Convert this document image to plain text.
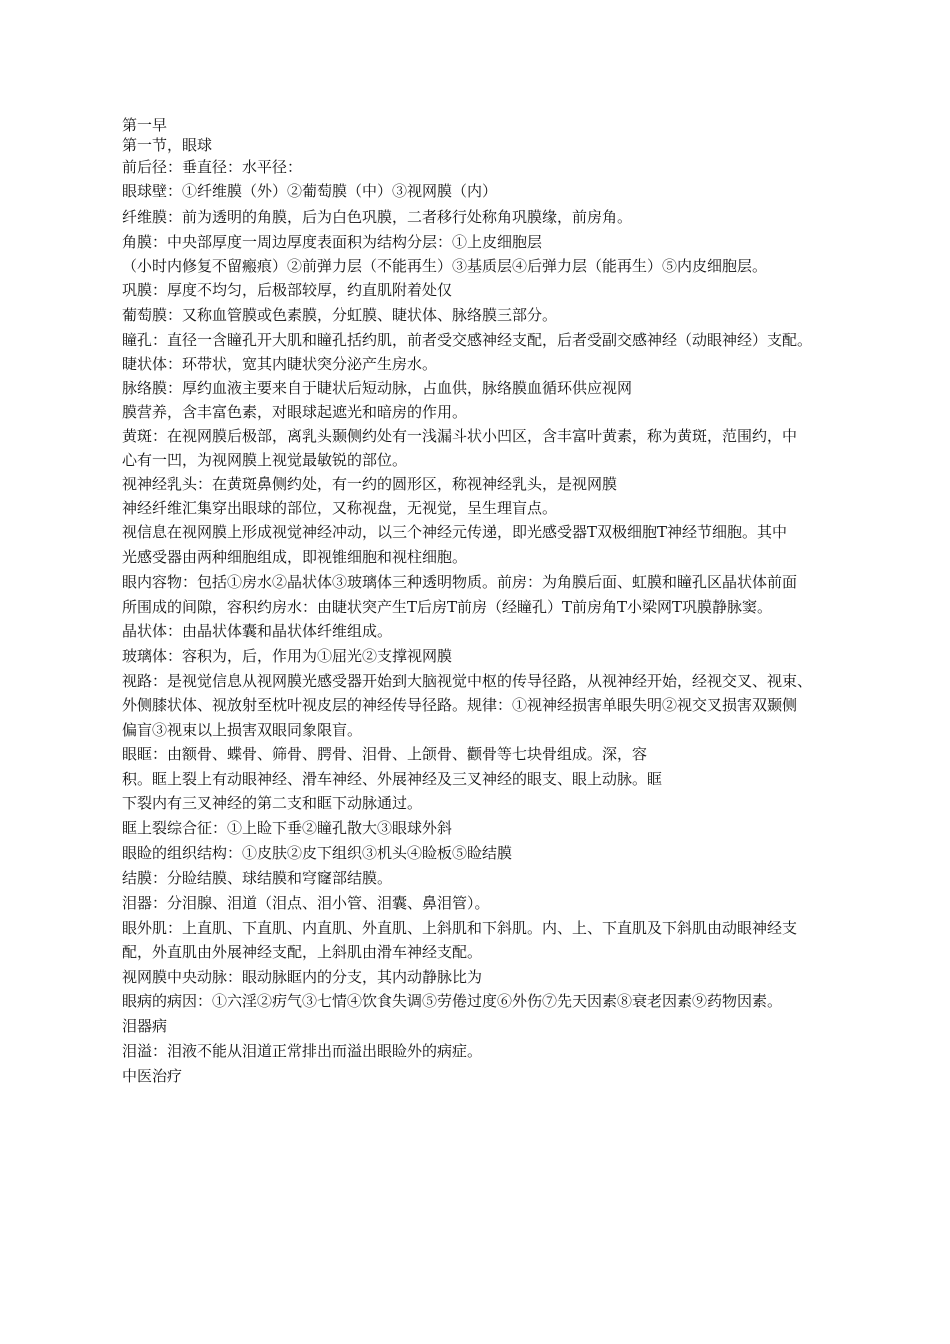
第一早
第一节，眼球
前后径：垂直径：水平径：
眼球壁：①纤维膜（外）②葡萄膜（中）③视网膜（内）
纤维膜：前为透明的角膜，后为白色巩膜，二者移行处称角巩膜缘，前房角。
角膜：中央部厚度一周边厚度表面积为结构分层：①上皮细胞层
（小时内修复不留瘢痕）②前弹力层（不能再生）③基质层④后弹力层（能再生）⑤内皮细胞层。
巩膜：厚度不均匀，后极部较厚，约直肌附着处仅
葡萄膜：又称血管膜或色素膜，分虹膜、睫状体、脉络膜三部分。
瞳孔：直径一含瞳孔开大肌和瞳孔括约肌，前者受交感神经支配，后者受副交感神经（动眼神经）支配。
睫状体：环带状，宽其内睫状突分泌产生房水。
脉络膜：厚约血液主要来自于睫状后短动脉，占血供，脉络膜血循环供应视网
膜营养，含丰富色素，对眼球起遮光和暗房的作用。
黄斑：在视网膜后极部，离乳头颞侧约处有一浅漏斗状小凹区，含丰富叶黄素，称为黄斑，范围约，中
心有一凹，为视网膜上视觉最敏锐的部位。
视神经乳头：在黄斑鼻侧约处，有一约的圆形区，称视神经乳头，是视网膜
神经纤维汇集穿出眼球的部位，又称视盘，无视觉，呈生理盲点。
视信息在视网膜上形成视觉神经冲动，以三个神经元传递，即光感受器T双极细胞T神经节细胞。其中
光感受器由两种细胞组成，即视锥细胞和视柱细胞。
眼内容物：包括①房水②晶状体③玻璃体三种透明物质。前房：为角膜后面、虹膜和瞳孔区晶状体前面
所围成的间隙，容积约房水：由睫状突产生T后房T前房（经瞳孔）T前房角T小梁网T巩膜静脉窦。
晶状体：由晶状体囊和晶状体纤维组成。
玻璃体：容积为，后，作用为①屈光②支撑视网膜
视路：是视觉信息从视网膜光感受器开始到大脑视觉中枢的传导径路，从视神经开始，经视交叉、视束、
外侧膝状体、视放射至枕叶视皮层的神经传导径路。规律：①视神经损害单眼失明②视交叉损害双颞侧
偏盲③视束以上损害双眼同象限盲。
眼眶：由额骨、蝶骨、筛骨、腭骨、泪骨、上颌骨、颧骨等七块骨组成。深，容
积。眶上裂上有动眼神经、滑车神经、外展神经及三叉神经的眼支、眼上动脉。眶
下裂内有三叉神经的第二支和眶下动脉通过。
眶上裂综合征：①上睑下垂②瞳孔散大③眼球外斜
眼睑的组织结构：①皮肤②皮下组织③机头④睑板⑤睑结膜
结膜：分睑结膜、球结膜和穹窿部结膜。
泪器：分泪腺、泪道（泪点、泪小管、泪囊、鼻泪管）。
眼外肌：上直肌、下直肌、内直肌、外直肌、上斜肌和下斜肌。内、上、下直肌及下斜肌由动眼神经支
配，外直肌由外展神经支配，上斜肌由滑车神经支配。
视网膜中央动脉：眼动脉眶内的分支，其内动静脉比为
眼病的病因：①六淫②疠气③七情④饮食失调⑤劳倦过度⑥外伤⑦先天因素⑧衰老因素⑨药物因素。
泪器病
泪溢：泪液不能从泪道正常排出而溢出眼睑外的病症。
中医治疗
